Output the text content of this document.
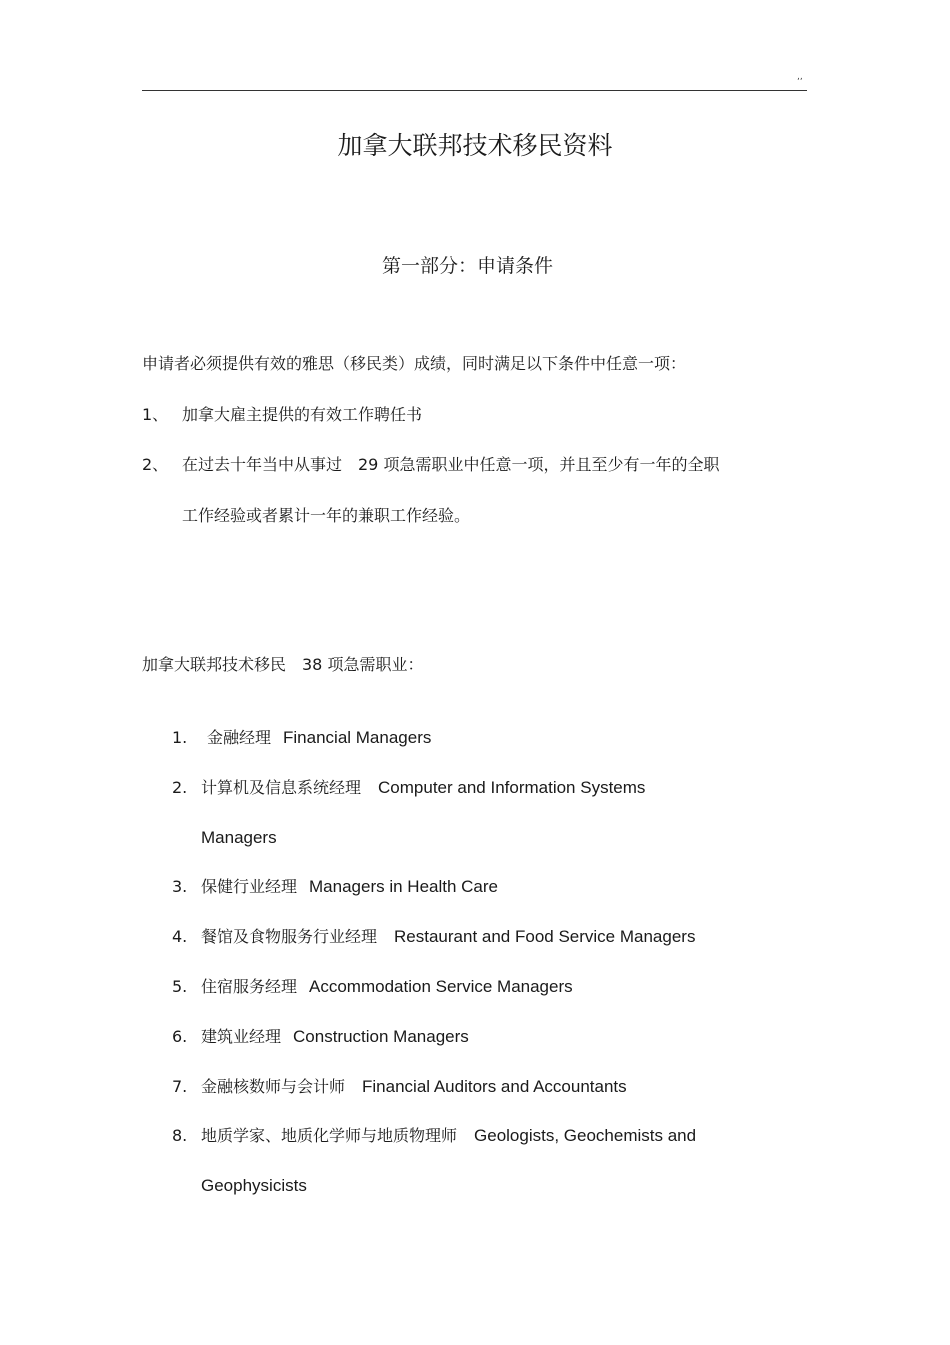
,,
加拿大联邦技术移民资料
第一部分：申请条件
申请者必须提供有效的雅思（移民类）成绩，同时满足以下条件中任意一项：
1、 加拿大雇主提供的有效工作聘任书
2、 在过去十年当中从事过　29 项急需职业中任意一项，并且至少有一年的全职
工作经验或者累计一年的兼职工作经验。
加拿大联邦技术移民　38 项急需职业：
1. 金融经理 Financial Managers
2. 计算机及信息系统经理 Computer and Information Systems
Managers
3. 保健行业经理 Managers in Health Care
4. 餐馆及食物服务行业经理 Restaurant and Food Service Managers
5. 住宿服务经理 Accommodation Service Managers
6. 建筑业经理 Construction Managers
7. 金融核数师与会计师 Financial Auditors and Accountants
8. 地质学家、地质化学师与地质物理师 Geologists, Geochemists and
Geophysicists
